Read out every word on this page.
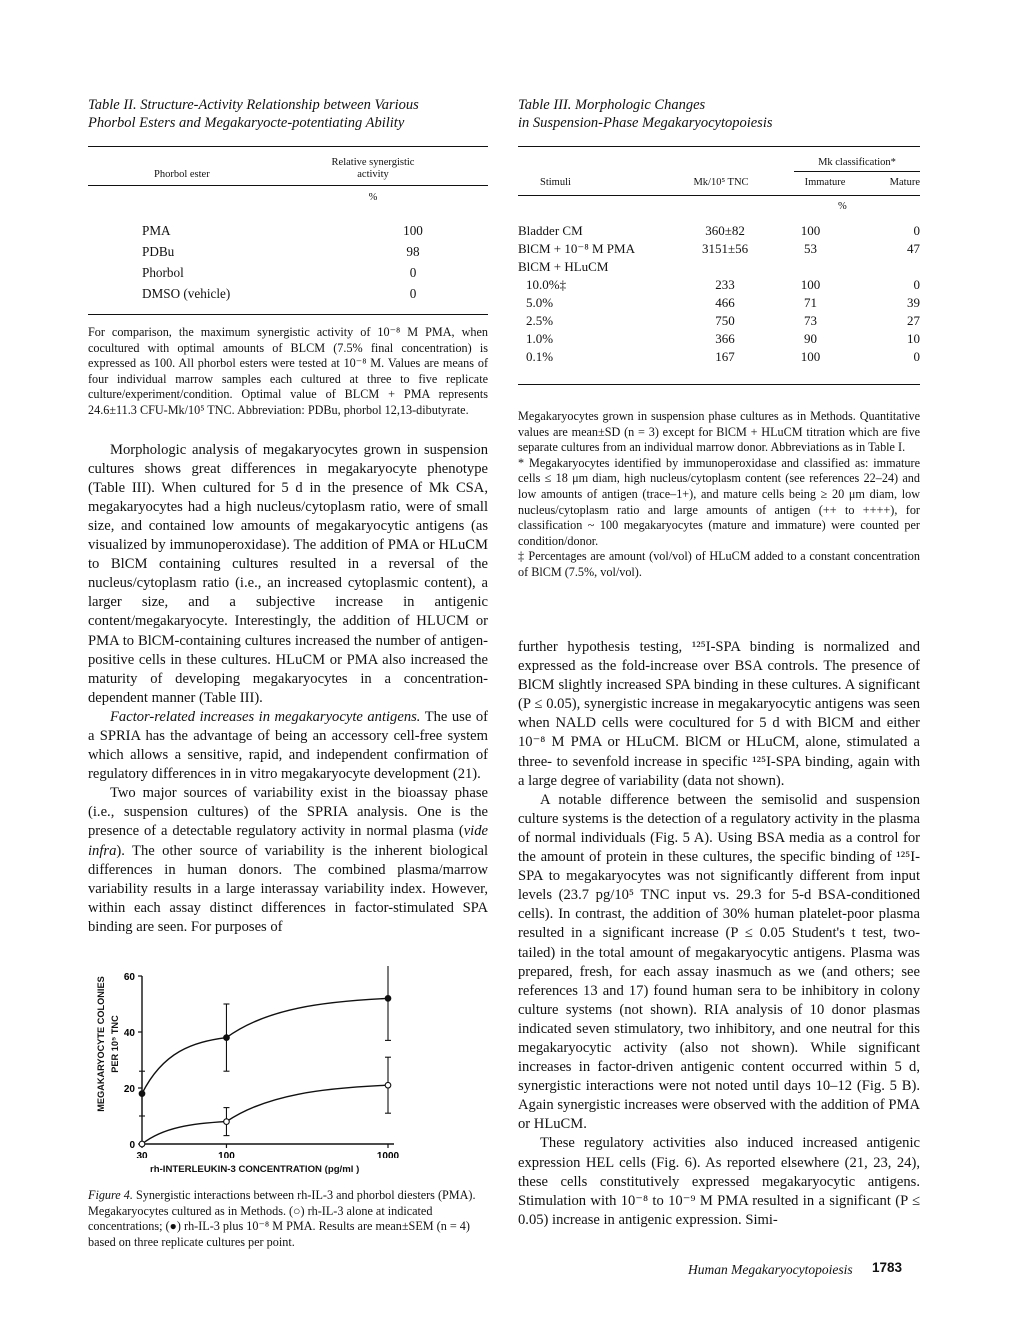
Table II. Structure-Activity Relationship between Various
Phorbol Esters and Megakaryocte-potentiating Ability
Phorbol ester
Relative synergistic
activity
%
PMA	100
PDBu	98
Phorbol	0
DMSO (vehicle)	0
For comparison, the maximum synergistic activity of 10⁻⁸ M PMA, when cocultured with optimal amounts of BLCM (7.5% final concentration) is expressed as 100. All phorbol esters were tested at 10⁻⁸ M. Values are means of four individual marrow samples each cultured at three to five replicate culture/experiment/condition. Optimal value of BLCM + PMA represents 24.6±11.3 CFU-Mk/10⁵ TNC. Abbreviation: PDBu, phorbol 12,13-dibutyrate.

Morphologic analysis of megakaryocytes grown in suspension cultures shows great differences in megakaryocyte phenotype (Table III). When cultured for 5 d in the presence of Mk CSA, megakaryocytes had a high nucleus/cytoplasm ratio, were of small size, and contained low amounts of megakaryocytic antigens (as visualized by immunoperoxidase). The addition of PMA or HLuCM to BlCM containing cultures resulted in a reversal of the nucleus/cytoplasm ratio (i.e., an increased cytoplasmic content), a larger size, and a subjective increase in antigenic content/megakaryocyte. Interestingly, the addition of HLUCM or PMA to BlCM-containing cultures increased the number of antigen-positive cells in these cultures. HLuCM or PMA also increased the maturity of developing megakaryocytes in a concentration-dependent manner (Table III).

Factor-related increases in megakaryocyte antigens. The use of a SPRIA has the advantage of being an accessory cell-free system which allows a sensitive, rapid, and independent confirmation of regulatory differences in in vitro megakaryocyte development (21).

Two major sources of variability exist in the bioassay phase (i.e., suspension cultures) of the SPRIA analysis. One is the presence of a detectable regulatory activity in normal plasma (vide infra). The other source of variability is the inherent biological differences in human donors. The combined plasma/marrow variability results in a large interassay variability index. However, within each assay distinct differences in factor-stimulated SPA binding are seen. For purposes of

0
20
40
60
30	100	1000
MEGAKARYOCYTE COLONIES PER 10⁵ TNC
rh-INTERLEUKIN-3 CONCENTRATION (pg/ml )
Figure 4. Synergistic interactions between rh-IL-3 and phorbol diesters (PMA). Megakaryocytes cultured as in Methods. (○) rh-IL-3 alone at indicated concentrations; (●) rh-IL-3 plus 10⁻⁸ M PMA. Results are mean±SEM (n = 4) based on three replicate cultures per point.
Table III. Morphologic Changes
in Suspension-Phase Megakaryocytopoiesis
Mk classification*
Stimuli	Mk/10⁵ TNC	Immature	Mature
%
Bladder CM	360±82	100	0
BlCM + 10⁻⁸ M PMA	3151±56	53	47
BlCM + HLuCM			
10.0%‡	233	100	0
5.0%	466	71	39
2.5%	750	73	27
1.0%	366	90	10
0.1%	167	100	0
Megakaryocytes grown in suspension phase cultures as in Methods. Quantitative values are mean±SD (n = 3) except for BlCM + HLuCM titration which are five separate cultures from an individual marrow donor. Abbreviations as in Table I.
* Megakaryocytes identified by immunoperoxidase and classified as: immature cells ≤ 18 μm diam, high nucleus/cytoplasm content (see references 22–24) and low amounts of antigen (trace–1+), and mature cells being ≥ 20 μm diam, low nucleus/cytoplasm ratio and large amounts of antigen (++ to ++++), for classification ~ 100 megakaryocytes (mature and immature) were counted per condition/donor.
‡ Percentages are amount (vol/vol) of HLuCM added to a constant concentration of BlCM (7.5%, vol/vol).

further hypothesis testing, ¹²⁵I-SPA binding is normalized and expressed as the fold-increase over BSA controls. The presence of BlCM slightly increased SPA binding in these cultures. A significant (P ≤ 0.05), synergistic increase in megakaryocytic antigens was seen when NALD cells were cocultured for 5 d with BlCM and either 10⁻⁸ M PMA or HLuCM. BlCM or HLuCM, alone, stimulated a three- to sevenfold increase in specific ¹²⁵I-SPA binding, again with a large degree of variability (data not shown).

A notable difference between the semisolid and suspension culture systems is the detection of a regulatory activity in the plasma of normal individuals (Fig. 5 A). Using BSA media as a control for the amount of protein in these cultures, the specific binding of ¹²⁵I-SPA to megakaryocytes was not significantly different from input levels (23.7 pg/10⁵ TNC input vs. 29.3 for 5-d BSA-conditioned cells). In contrast, the addition of 30% human platelet-poor plasma resulted in a significant increase (P ≤ 0.05 Student's t test, two-tailed) in the total amount of megakaryocytic antigens. Plasma was prepared, fresh, for each assay inasmuch as we (and others; see references 13 and 17) found human sera to be inhibitory in colony culture systems (not shown). RIA analysis of 10 donor plasmas indicated seven stimulatory, two inhibitory, and one neutral for this megakaryocytic activity (also not shown). While significant increases in factor-driven antigenic content occurred within 5 d, synergistic interactions were not noted until days 10–12 (Fig. 5 B). Again synergistic increases were observed with the addition of PMA or HLuCM.

These regulatory activities also induced increased antigenic expression HEL cells (Fig. 6). As reported elsewhere (21, 23, 24), these cells constitutively expressed megakaryocytic antigens. Stimulation with 10⁻⁸ to 10⁻⁹ M PMA resulted in a significant (P ≤ 0.05) increase in antigenic expression. Simi-

Human Megakaryocytopoiesis 1783
